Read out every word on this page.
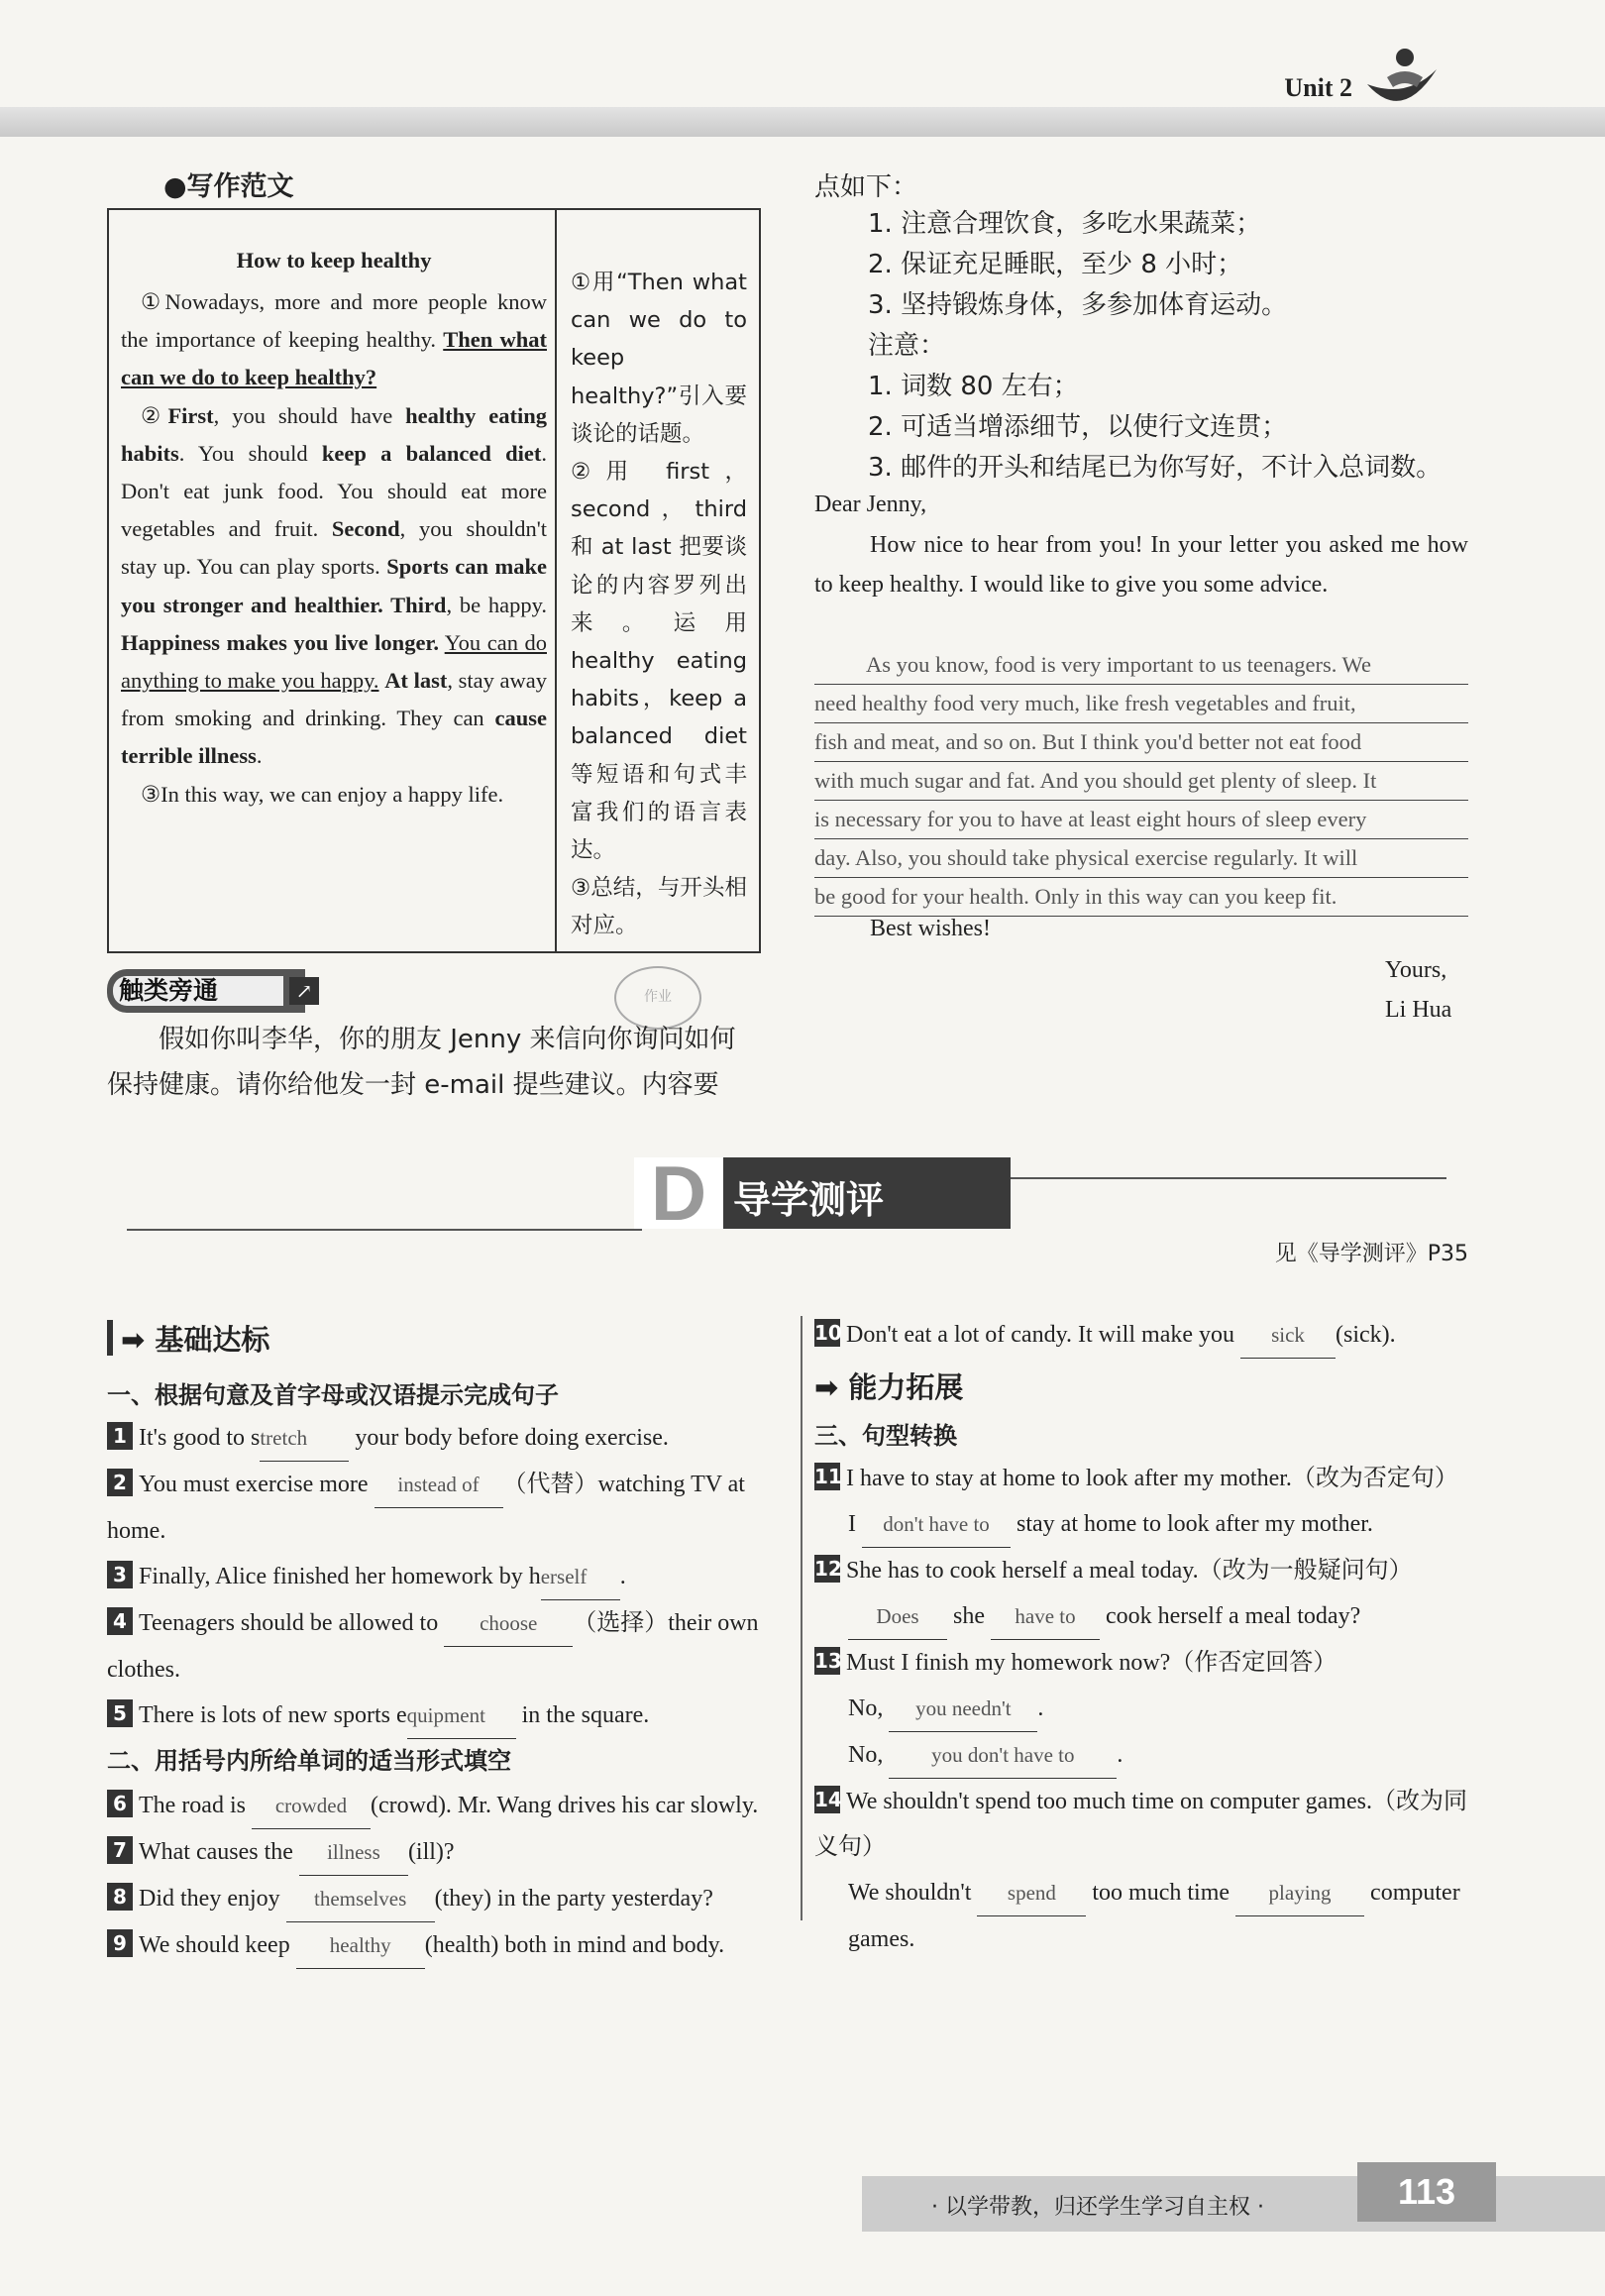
Unit 2
●写作范文
How to keep healthy
①Nowadays, more and more people know the importance of keeping healthy. Then what can we do to keep healthy?
②First, you should have healthy eating habits. You should keep a balanced diet. Don't eat junk food. You should eat more vegetables and fruit. Second, you shouldn't stay up. You can play sports. Sports can make you stronger and healthier. Third, be happy. Happiness makes you live longer. You can do anything to make you happy. At last, stay away from smoking and drinking. They can cause terrible illness.
③In this way, we can enjoy a happy life.

①用“Then what can we do to keep healthy?”引入要谈论的话题。

②用 first，second，third 和 at last 把要谈论的内容罗列出来。运用 healthy eating habits，keep a balanced diet 等短语和句式丰富我们的语言表达。

③总结，与开头相对应。

触类旁通	↗	作业
假如你叫李华，你的朋友 Jenny 来信向你询问如何保持健康。请你给他发一封 e-mail 提些建议。内容要
点如下：
1. 注意合理饮食，多吃水果蔬菜；
2. 保证充足睡眠，至少 8 小时；
3. 坚持锻炼身体，多参加体育运动。
注意：
1. 词数 80 左右；
2. 可适当增添细节，以使行文连贯；
3. 邮件的开头和结尾已为你写好，不计入总词数。
Dear Jenny,
How nice to hear from you! In your letter you asked me how to keep healthy. I would like to give you some advice.
As you know, food is very important to us teenagers. We
need healthy food very much, like fresh vegetables and fruit,
fish and meat, and so on. But I think you'd better not eat food
with much sugar and fat. And you should get plenty of sleep. It
is necessary for you to have at least eight hours of sleep every
day. Also, you should take physical exercise regularly. It will
be good for your health. Only in this way can you keep fit.
Best wishes!
Yours,
Li Hua
D 导学测评
见《导学测评》P35
➡ 基础达标
一、根据句意及首字母或汉语提示完成句子
1 It's good to stretch your body before doing exercise.
2 You must exercise more instead of （代替）watching TV at home.
3 Finally, Alice finished her homework by herself .
4 Teenagers should be allowed to choose （选择）their own clothes.
5 There is lots of new sports equipment in the square.
二、用括号内所给单词的适当形式填空
6 The road is crowded (crowd). Mr. Wang drives his car slowly.
7 What causes the illness (ill)?
8 Did they enjoy themselves (they) in the party yesterday?
9 We should keep healthy (health) both in mind and body.
10 Don't eat a lot of candy. It will make you sick (sick).
➡ 能力拓展
三、句型转换
11 I have to stay at home to look after my mother.（改为否定句）
I don't have to stay at home to look after my mother.
12 She has to cook herself a meal today.（改为一般疑问句）
Does she have to cook herself a meal today?
13 Must I finish my homework now?（作否定回答）
No, you needn't .
No, you don't have to .
14 We shouldn't spend too much time on computer games.（改为同义句）
We shouldn't spend too much time playing computer games.
· 以学带教，归还学生学习自主权 ·	113
